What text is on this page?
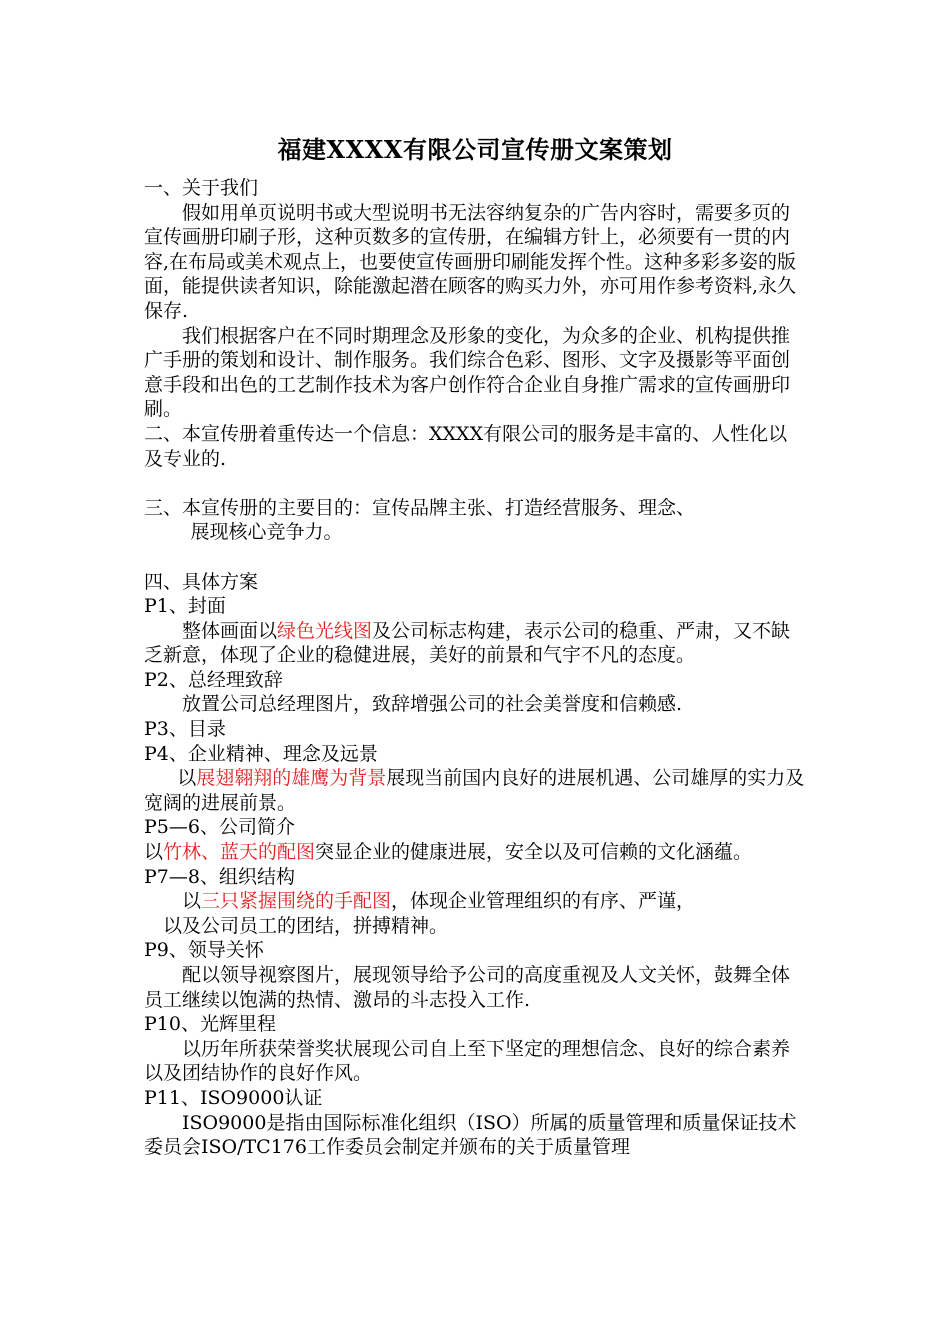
福建XXXX有限公司宣传册文案策划

一、关于我们

假如用单页说明书或大型说明书无法容纳复杂的广告内容时，需要多页的宣传画册印刷子形，这种页数多的宣传册，在编辑方针上，必须要有一贯的内容,在布局或美术观点上，也要使宣传画册印刷能发挥个性。这种多彩多姿的版面，能提供读者知识，除能激起潜在顾客的购买力外，亦可用作参考资料,永久保存.

我们根据客户在不同时期理念及形象的变化，为众多的企业、机构提供推广手册的策划和设计、制作服务。我们综合色彩、图形、文字及摄影等平面创意手段和出色的工艺制作技术为客户创作符合企业自身推广需求的宣传画册印刷。

二、本宣传册着重传达一个信息：XXXX有限公司的服务是丰富的、人性化以及专业的.

三、本宣传册的主要目的：宣传品牌主张、打造经营服务、理念、

展现核心竞争力。

四、具体方案

P1、封面

整体画面以绿色光线图及公司标志构建，表示公司的稳重、严肃，又不缺乏新意，体现了企业的稳健进展，美好的前景和气宇不凡的态度。

P2、总经理致辞

放置公司总经理图片，致辞增强公司的社会美誉度和信赖感.

P3、目录

P4、企业精神、理念及远景

以展翅翱翔的雄鹰为背景展现当前国内良好的进展机遇、公司雄厚的实力及宽阔的进展前景。

P5—6、公司简介

以竹林、蓝天的配图突显企业的健康进展，安全以及可信赖的文化涵蕴。

P7—8、组织结构

以三只紧握围绕的手配图，体现企业管理组织的有序、严谨，

以及公司员工的团结，拼搏精神。

P9、领导关怀

配以领导视察图片，展现领导给予公司的高度重视及人文关怀，鼓舞全体员工继续以饱满的热情、激昂的斗志投入工作.

P10、光辉里程

以历年所获荣誉奖状展现公司自上至下坚定的理想信念、良好的综合素养以及团结协作的良好作风。

P11、ISO9000认证

ISO9000是指由国际标准化组织（ISO）所属的质量管理和质量保证技术委员会ISO/TC176工作委员会制定并颁布的关于质量管理
